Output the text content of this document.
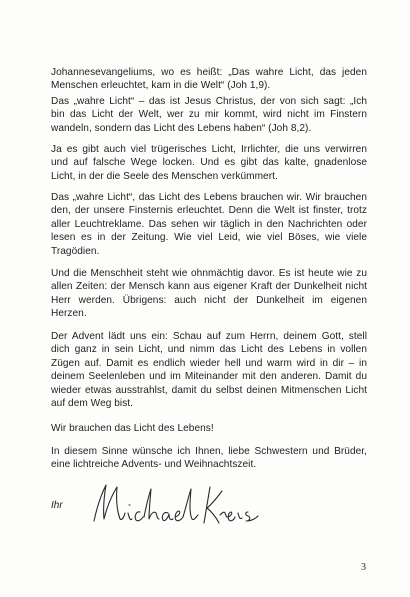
Johannesevangeliums, wo es heißt: „Das wahre Licht, das jeden
Menschen erleuchtet, kam in die Welt“ (Joh 1,9).
Das „wahre Licht“ – das ist Jesus Christus, der von sich sagt: „Ich
bin das Licht der Welt, wer zu mir kommt, wird nicht im Finstern
wandeln, sondern das Licht des Lebens haben“ (Joh 8,2).
Ja es gibt auch viel trügerisches Licht, Irrlichter, die uns verwirren
und auf falsche Wege locken. Und es gibt das kalte, gnadenlose
Licht, in der die Seele des Menschen verkümmert.
Das „wahre Licht“, das Licht des Lebens brauchen wir. Wir brauchen
den, der unsere Finsternis erleuchtet. Denn die Welt ist finster, trotz
aller Leuchtreklame. Das sehen wir täglich in den Nachrichten oder
lesen es in der Zeitung. Wie viel Leid, wie viel Böses, wie viele
Tragödien.
Und die Menschheit steht wie ohnmächtig davor. Es ist heute wie zu
allen Zeiten: der Mensch kann aus eigener Kraft der Dunkelheit nicht
Herr werden. Übrigens: auch nicht der Dunkelheit im eigenen
Herzen.
Der Advent lädt uns ein: Schau auf zum Herrn, deinem Gott, stell
dich ganz in sein Licht, und nimm das Licht des Lebens in vollen
Zügen auf. Damit es endlich wieder hell und warm wird in dir – in
deinem Seelenleben und im Miteinander mit den anderen. Damit du
wieder etwas ausstrahlst, damit du selbst deinen Mitmenschen Licht
auf dem Weg bist.
Wir brauchen das Licht des Lebens!
In diesem Sinne wünsche ich Ihnen, liebe Schwestern und Brüder,
eine lichtreiche Advents- und Weihnachtszeit.
Ihr
3
